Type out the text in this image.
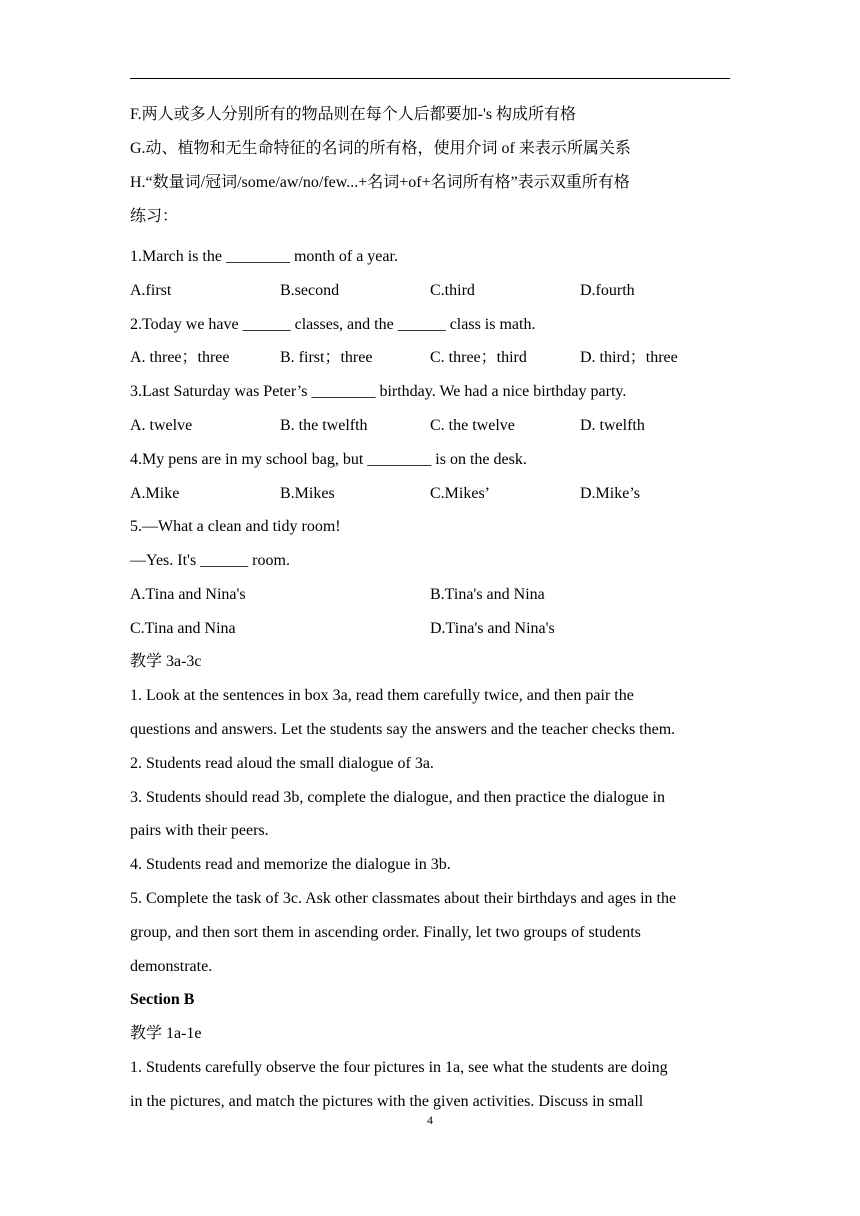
F.两人或多人分别所有的物品则在每个人后都要加-'s 构成所有格
G.动、植物和无生命特征的名词的所有格，使用介词 of 来表示所属关系
H.“数量词/冠词/some/aw/no/few...+名词+of+名词所有格”表示双重所有格
练习：
1.March is the ________ month of a year.
A.first	B.second	C.third	D.fourth
2.Today we have ______ classes, and the ______ class is math.
A. three；three	B. first；three	C. three；third	D. third；three
3.Last Saturday was Peter’s ________ birthday. We had a nice birthday party.
A. twelve	B. the twelfth	C. the twelve	D. twelfth
4.My pens are in my school bag, but ________ is on the desk.
A.Mike	B.Mikes	C.Mikes’	D.Mike’s
5.—What a clean and tidy room!
—Yes. It's ______ room.
A.Tina and Nina's	B.Tina's and Nina
C.Tina and Nina	D.Tina's and Nina's
教学 3a-3c
1. Look at the sentences in box 3a, read them carefully twice, and then pair the
questions and answers. Let the students say the answers and the teacher checks them.
2. Students read aloud the small dialogue of 3a.
3. Students should read 3b, complete the dialogue, and then practice the dialogue in
pairs with their peers.
4. Students read and memorize the dialogue in 3b.
5. Complete the task of 3c. Ask other classmates about their birthdays and ages in the
group, and then sort them in ascending order. Finally, let two groups of students
demonstrate.
Section B
教学 1a-1e
1. Students carefully observe the four pictures in 1a, see what the students are doing
in the pictures, and match the pictures with the given activities. Discuss in small
4
